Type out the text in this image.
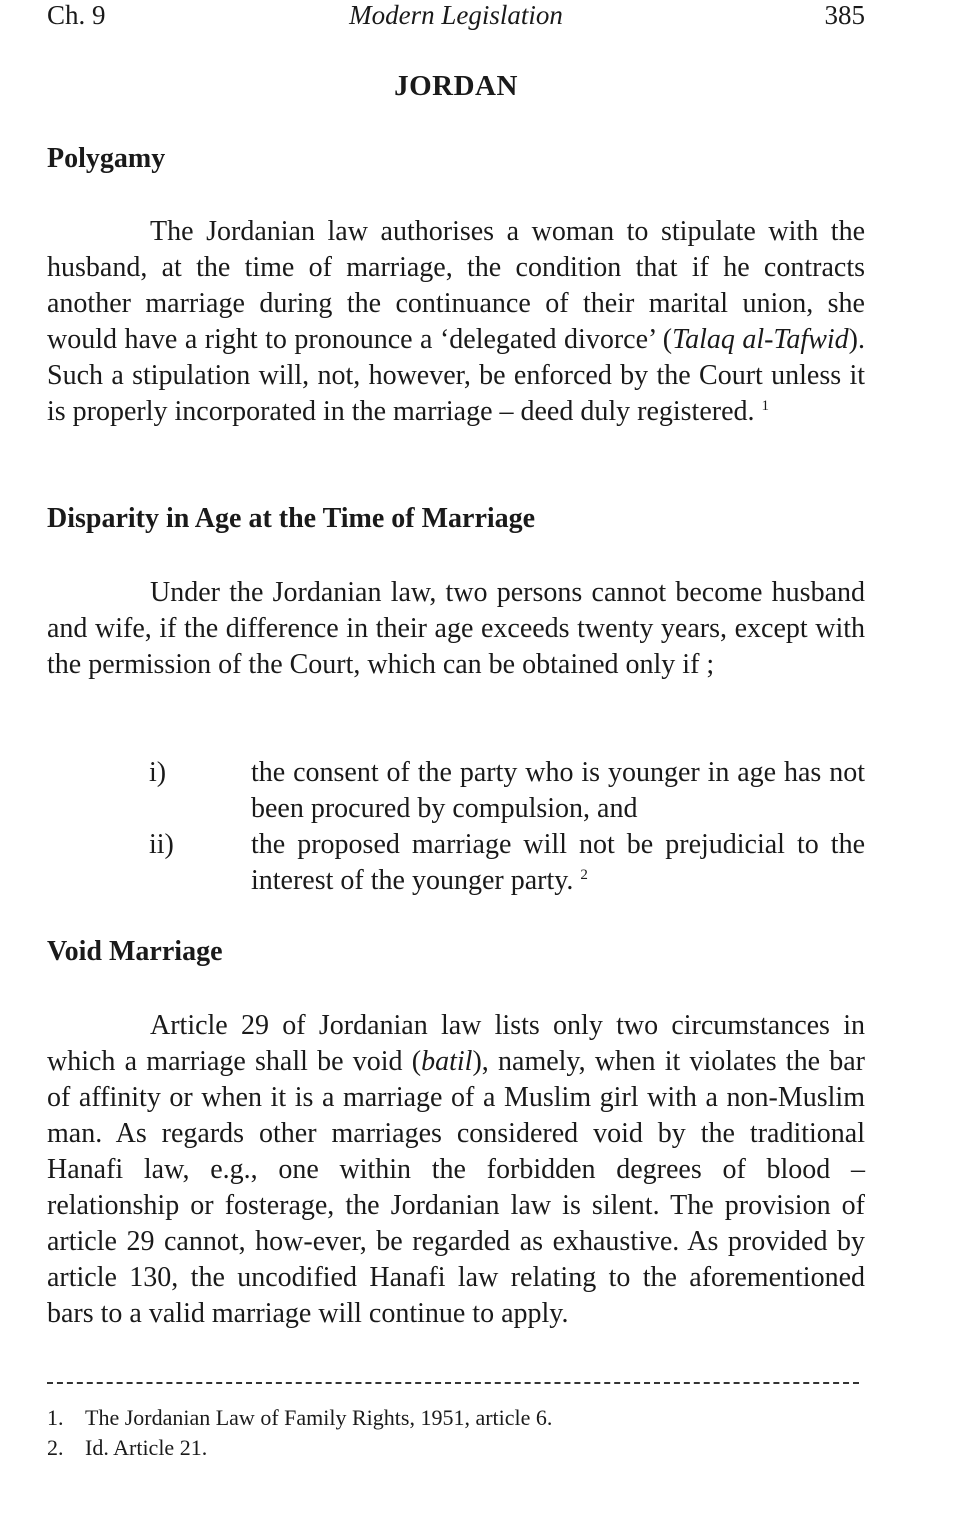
Ch. 9	Modern Legislation	385
JORDAN
Polygamy

The Jordanian law authorises a woman to stipulate with the husband, at the time of marriage, the condition that if he contracts another marriage during the continuance of their marital union, she would have a right to pronounce a ‘delegated divorce’ (Talaq al-Tafwid). Such a stipulation will, not, however, be enforced by the Court unless it is properly incorporated in the marriage – deed duly registered. $^1$

Disparity in Age at the Time of Marriage

Under the Jordanian law, two persons cannot become husband and wife, if the difference in their age exceeds twenty years, except with the permission of the Court, which can be obtained only if ;

i)	the consent of the party who is younger in age has not been procured by compulsion, and
ii)	the proposed marriage will not be prejudicial to the interest of the younger party. $^2$
Void Marriage

Article 29 of Jordanian law lists only two circumstances in which a marriage shall be void (batil), namely, when it violates the bar of affinity or when it is a marriage of a Muslim girl with a non-Muslim man. As regards other marriages considered void by the traditional Hanafi law, e.g., one within the forbidden degrees of blood – relationship or fosterage, the Jordanian law is silent. The provision of article 29 cannot, how-ever, be regarded as exhaustive. As provided by article 130, the uncodified Hanafi law relating to the aforementioned bars to a valid marriage will continue to apply.

1. The Jordanian Law of Family Rights, 1951, article 6.
2. Id. Article 21.
